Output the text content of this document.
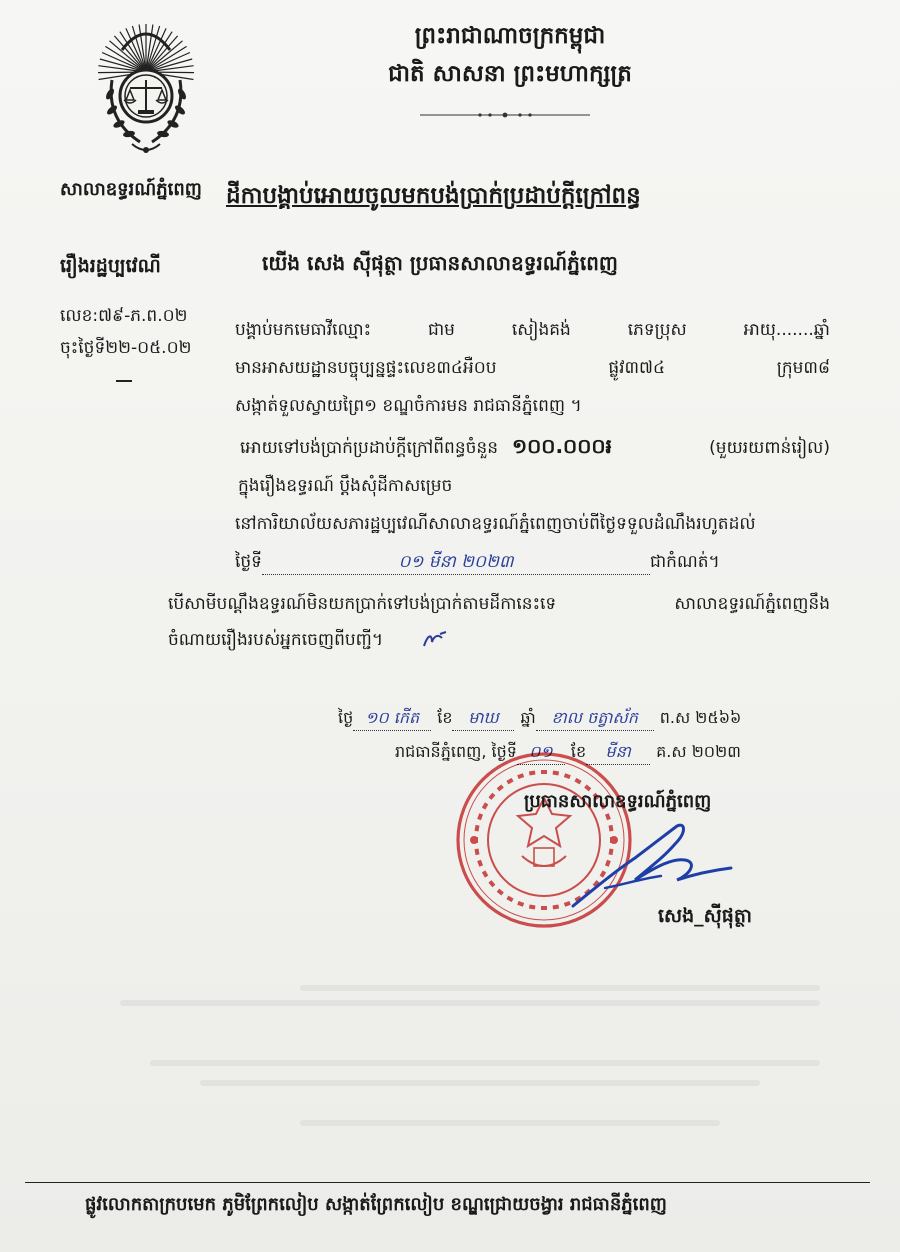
ព្រះរាជាណាចក្រកម្ពុជា
ជាតិ សាសនា ព្រះមហាក្សត្រ
សាលាឧទ្ធរណ៍ភ្នំពេញ ដីកាបង្គាប់អោយចូលមកបង់ប្រាក់ប្រដាប់ក្តីក្រៅពន្ធ
យើង សេង ស៊ីផុត្ថា ប្រធានសាលាឧទ្ធរណ៍ភ្នំពេញ
រឿងរដ្ឋប្បវេណី
លេខ:៧៩-ភ.ព.០២
ចុះថ្ងៃទី២២-០៥.០២
បង្គាប់មកមេធាវីឈ្មោះ	ជាម	សៀងគង់	ភេទប្រុស	អាយុ.......ឆ្នាំ
មានអាសយដ្ឋានបច្ចុប្បន្នផ្ទះលេខ៣៤អឺ០ប	ផ្លូវ៣៧៤	ក្រុម៣៨
សង្កាត់ទួលស្វាយព្រៃ១ ខណ្ឌចំការមន រាជធានីភ្នំពេញ ។
អោយទៅបង់ប្រាក់ប្រដាប់ក្តីក្រៅពីពន្ធចំនួន ១០០.០០០៛	(មួយរយពាន់រៀល)
ក្នុងរឿងឧទ្ធរណ៍ ប្តឹងសុំដីកាសម្រេច
នៅការិយាល័យសភារដ្ឋប្បវេណីសាលាឧទ្ធរណ៍ភ្នំពេញចាប់ពីថ្ងៃទទួលដំណឹងរហូតដល់
ថ្ងៃទី	០១ មីនា ២០២៣	ជាកំណត់។
បើសាមីបណ្តឹងឧទ្ធរណ៍មិនយកប្រាក់ទៅបង់ប្រាក់តាមដីកានេះទេ	សាលាឧទ្ធរណ៍ភ្នំពេញនឹង
ចំណាយរឿងរបស់អ្នកចេញពីបញ្ជី។
ថ្ងៃ ១០ កើត	ខែ មាឃ	ឆ្នាំ ខាល ចត្វាស័ក	ព.ស ២៥៦៦
រាជធានីភ្នំពេញ, ថ្ងៃទី ០១	ខែ	មីនា	គ.ស ២០២៣
ប្រធានសាលាឧទ្ធរណ៍ភ្នំពេញ
សេង_ស៊ីផុត្ថា
ផ្លូវលោកតាក្របមេក ភូមិព្រែកលៀប សង្កាត់ព្រែកលៀប ខណ្ឌជ្រោយចង្វារ រាជធានីភ្នំពេញ
